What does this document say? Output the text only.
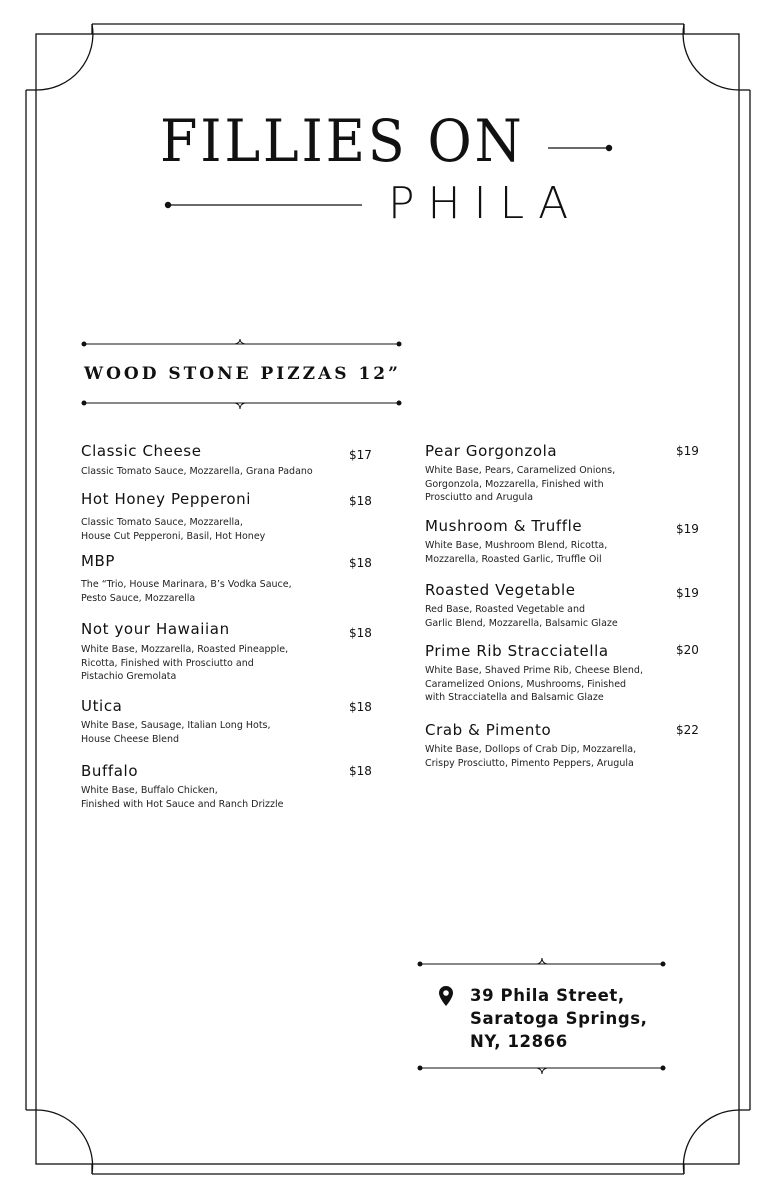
FILLIES ON
PHILA
WOOD STONE PIZZAS 12”
Classic Cheese
Classic Tomato Sauce, Mozzarella, Grana Padano
$17
Hot Honey Pepperoni
Classic Tomato Sauce, Mozzarella,
House Cut Pepperoni, Basil, Hot Honey
$18
MBP
The “Trio, House Marinara, B’s Vodka Sauce,
Pesto Sauce, Mozzarella
$18
Not your Hawaiian
White Base, Mozzarella, Roasted Pineapple,
Ricotta, Finished with Prosciutto and
Pistachio Gremolata
$18
Utica
White Base, Sausage, Italian Long Hots,
House Cheese Blend
$18
Buffalo
White Base, Buffalo Chicken,
Finished with Hot Sauce and Ranch Drizzle
$18
Pear Gorgonzola
White Base, Pears, Caramelized Onions,
Gorgonzola, Mozzarella, Finished with
Prosciutto and Arugula
$19
Mushroom & Truffle
White Base, Mushroom Blend, Ricotta,
Mozzarella, Roasted Garlic, Truffle Oil
$19
Roasted Vegetable
Red Base, Roasted Vegetable and
Garlic Blend, Mozzarella, Balsamic Glaze
$19
Prime Rib Stracciatella
White Base, Shaved Prime Rib, Cheese Blend,
Caramelized Onions, Mushrooms, Finished
with Stracciatella and Balsamic Glaze
$20
Crab & Pimento
White Base, Dollops of Crab Dip, Mozzarella,
Crispy Prosciutto, Pimento Peppers, Arugula
$22
39 Phila Street,
Saratoga Springs,
NY, 12866
